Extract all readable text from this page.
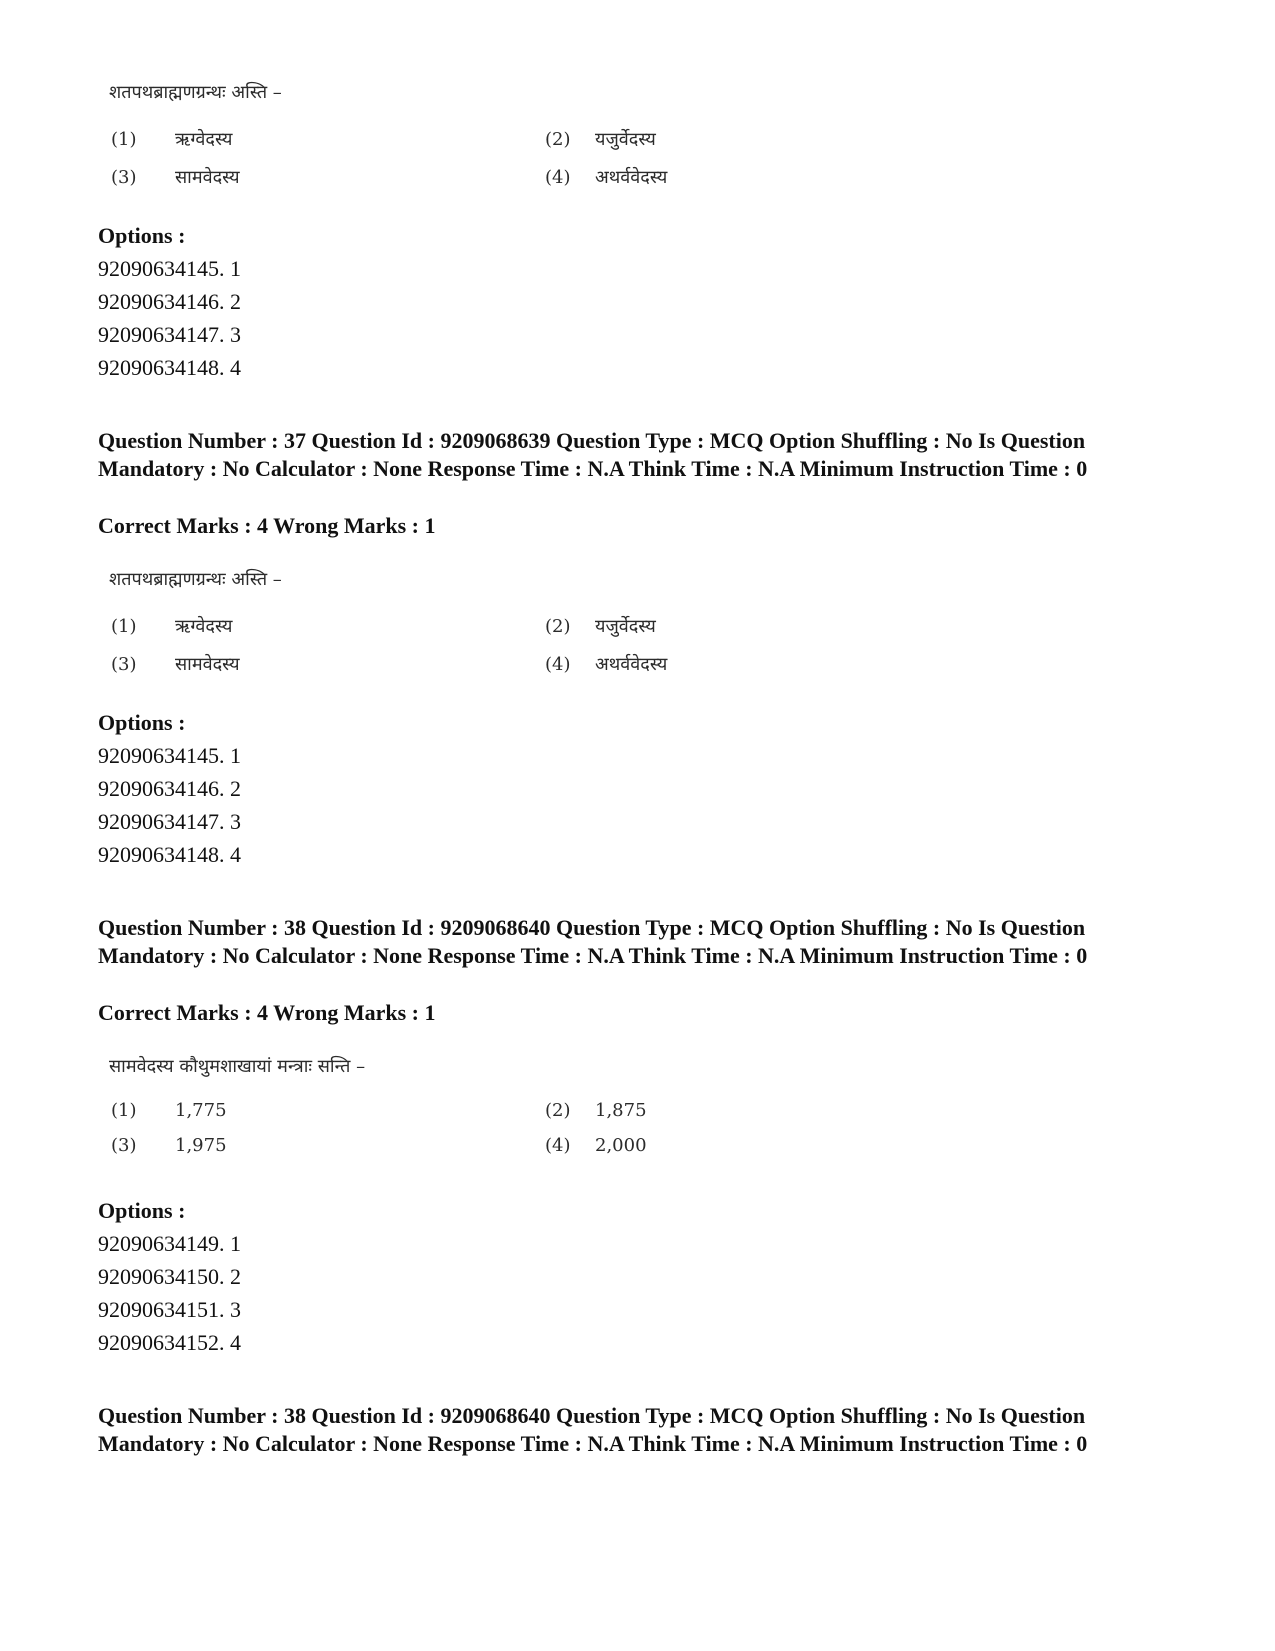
शतपथब्राह्मणग्रन्थः अस्ति –
(1) ऋग्वेदस्य	(2) यजुर्वेदस्य
(3) सामवेदस्य	(4) अथर्ववेदस्य
Options :
92090634145. 1
92090634146. 2
92090634147. 3
92090634148. 4
Question Number : 37 Question Id : 9209068639 Question Type : MCQ Option Shuffling : No Is Question Mandatory : No Calculator : None Response Time : N.A Think Time : N.A Minimum Instruction Time : 0
Correct Marks : 4 Wrong Marks : 1
शतपथब्राह्मणग्रन्थः अस्ति –
(1) ऋग्वेदस्य	(2) यजुर्वेदस्य
(3) सामवेदस्य	(4) अथर्ववेदस्य
Options :
92090634145. 1
92090634146. 2
92090634147. 3
92090634148. 4
Question Number : 38 Question Id : 9209068640 Question Type : MCQ Option Shuffling : No Is Question Mandatory : No Calculator : None Response Time : N.A Think Time : N.A Minimum Instruction Time : 0
Correct Marks : 4 Wrong Marks : 1
सामवेदस्य कौथुमशाखायां मन्त्राः सन्ति –
(1) 1,775	(2) 1,875
(3) 1,975	(4) 2,000
Options :
92090634149. 1
92090634150. 2
92090634151. 3
92090634152. 4
Question Number : 38 Question Id : 9209068640 Question Type : MCQ Option Shuffling : No Is Question Mandatory : No Calculator : None Response Time : N.A Think Time : N.A Minimum Instruction Time : 0
